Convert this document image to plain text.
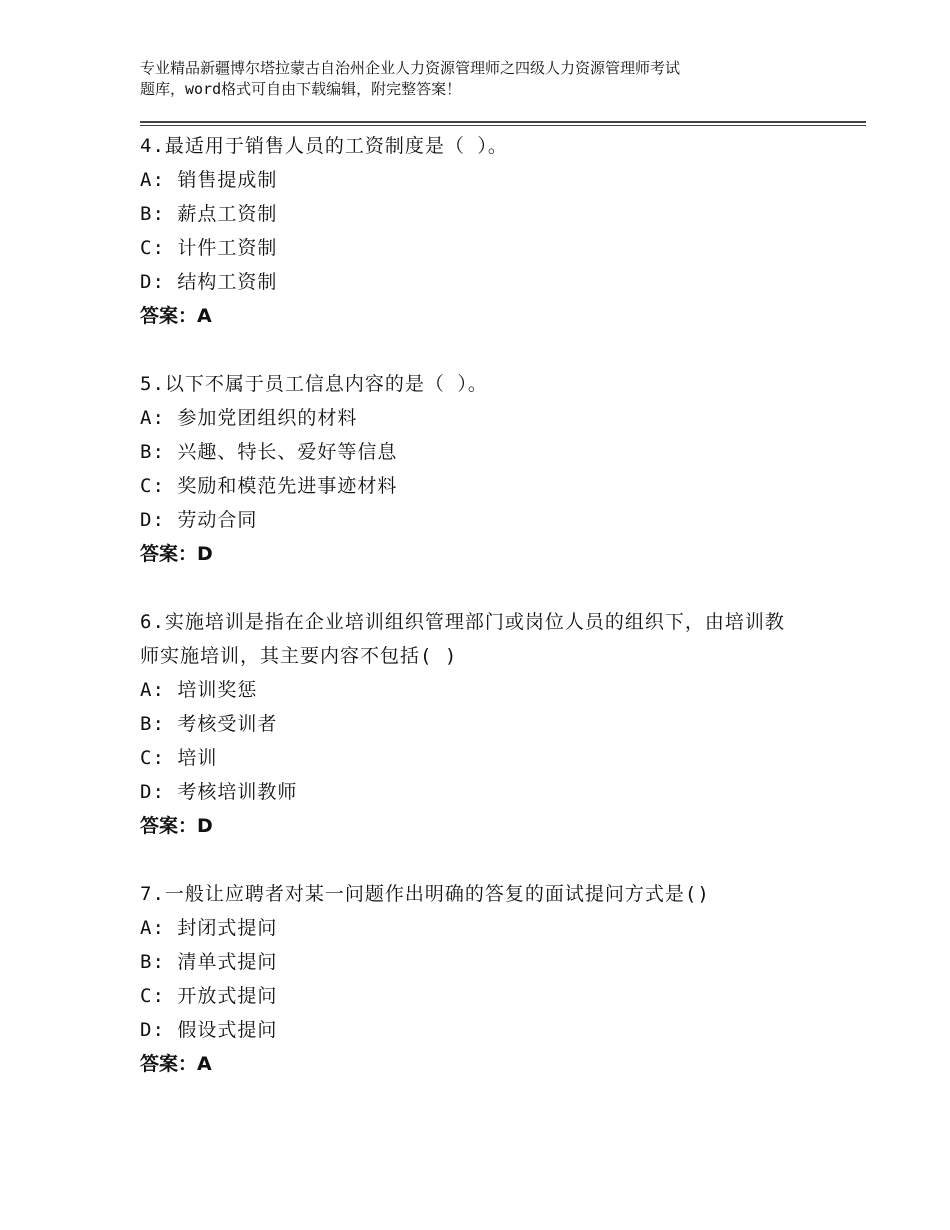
专业精品新疆博尔塔拉蒙古自治州企业人力资源管理师之四级人力资源管理师考试
题库，word格式可自由下载编辑，附完整答案！
4.最适用于销售人员的工资制度是（ ）。
A: 销售提成制
B: 薪点工资制
C: 计件工资制
D: 结构工资制
答案：A
5.以下不属于员工信息内容的是（ ）。
A: 参加党团组织的材料
B: 兴趣、特长、爱好等信息
C: 奖励和模范先进事迹材料
D: 劳动合同
答案：D
6.实施培训是指在企业培训组织管理部门或岗位人员的组织下，由培训教师实施培训，其主要内容不包括( )
A: 培训奖惩
B: 考核受训者
C: 培训
D: 考核培训教师
答案：D
7.一般让应聘者对某一问题作出明确的答复的面试提问方式是()
A: 封闭式提问
B: 清单式提问
C: 开放式提问
D: 假设式提问
答案：A
